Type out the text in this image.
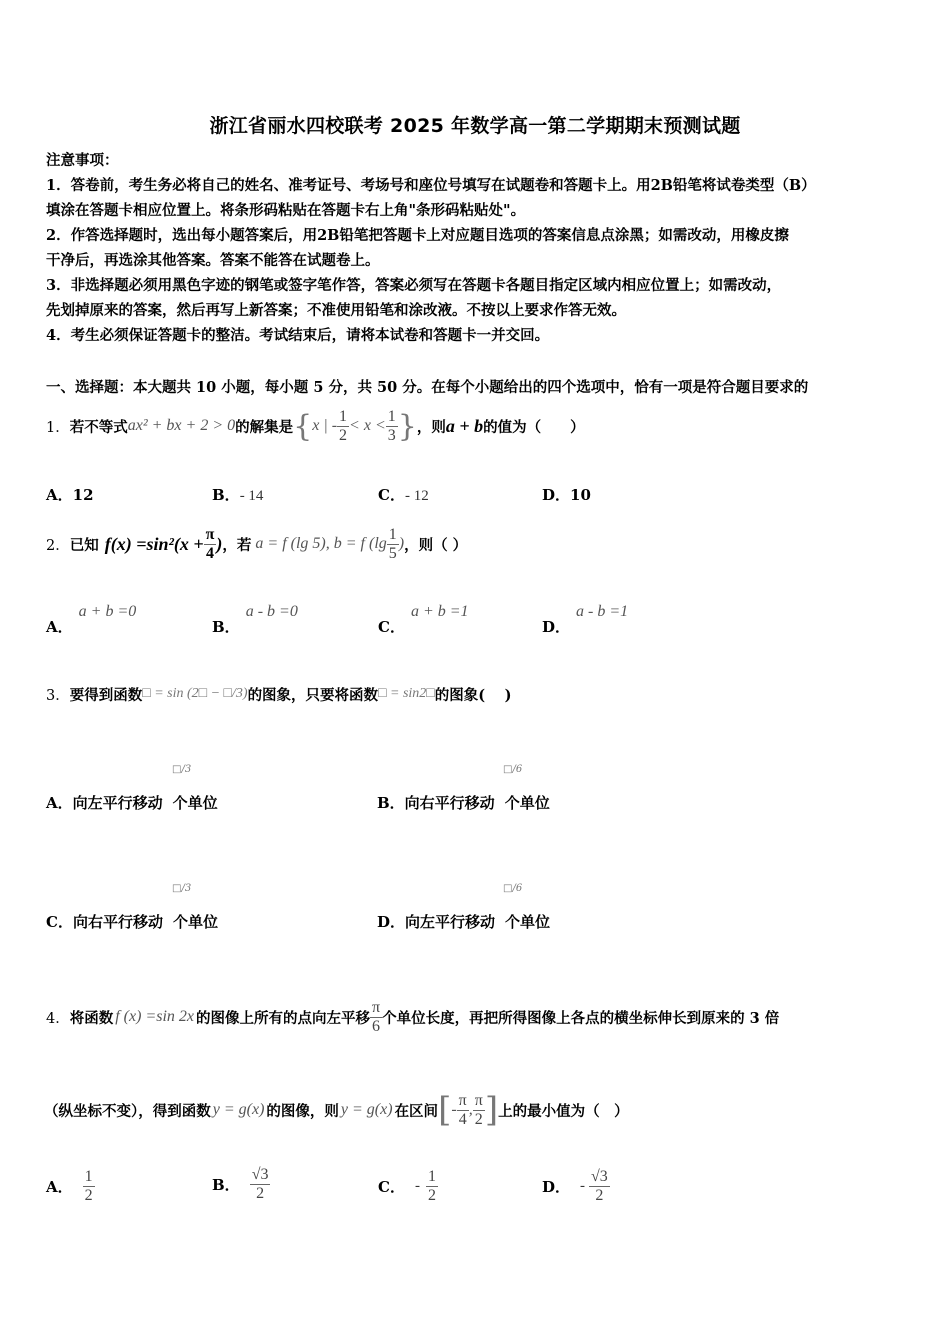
浙江省丽水四校联考 2025 年数学高一第二学期期末预测试题
注意事项：
1．答卷前，考生务必将自己的姓名、准考证号、考场号和座位号填写在试题卷和答题卡上。用2B铅笔将试卷类型（B）
填涂在答题卡相应位置上。将条形码粘贴在答题卡右上角"条形码粘贴处"。
2．作答选择题时，选出每小题答案后，用2B铅笔把答题卡上对应题目选项的答案信息点涂黑；如需改动，用橡皮擦
干净后，再选涂其他答案。答案不能答在试题卷上。
3．非选择题必须用黑色字迹的钢笔或签字笔作答，答案必须写在答题卡各题目指定区域内相应位置上；如需改动，
先划掉原来的答案，然后再写上新答案；不准使用铅笔和涂改液。不按以上要求作答无效。
4．考生必须保证答题卡的整洁。考试结束后，请将本试卷和答题卡一并交回。
一、选择题：本大题共 10 小题，每小题 5 分，共 50 分。在每个小题给出的四个选项中，恰有一项是符合题目要求的
1． 若不等式 ax² + bx + 2 > 0 的解集是 { x | - $\frac{1}{2} < x < \frac{1}{3}$ } ，则 a + b 的值为（　　）
A．12	B．- 14	C．- 12	D．10
2． 已知 $f(x) =\sin^2(x + \frac{\pi}{4}$ ) ，若 a = f (lg 5), b = f ($\lg \frac{1}{5}$ ) ，则（ ）
A．a + b =0
B．a - b =0
C．a + b =1
D．a - b =1
3． 要得到函数 □ = sin (2□ − □/3) 的图象，只要将函数 □ = sin2□ 的图象(　 )
□/3
A．向左平行移动 个单位
□/6
B．向右平行移动 个单位
□/3
C．向右平行移动 个单位
□/6
D．向左平行移动 个单位
4． 将函数 f (x) =sin 2x 的图像上所有的点向左平移 $\frac{\pi}{6}$ 个单位长度，再把所得图像上各点的横坐标伸长到原来的 3 倍
（纵坐标不变），得到函数 y = g(x) 的图像，则 y = g(x) 在区间 [ - $\frac{\pi}{4}$ , $\frac{\pi}{2}$ ] 上的最小值为（　）
A． $\frac{1}{2}$	B． $\frac{√3}{2}$	C． - $\frac{1}{2}$	D． - $\frac{√3}{2}$
